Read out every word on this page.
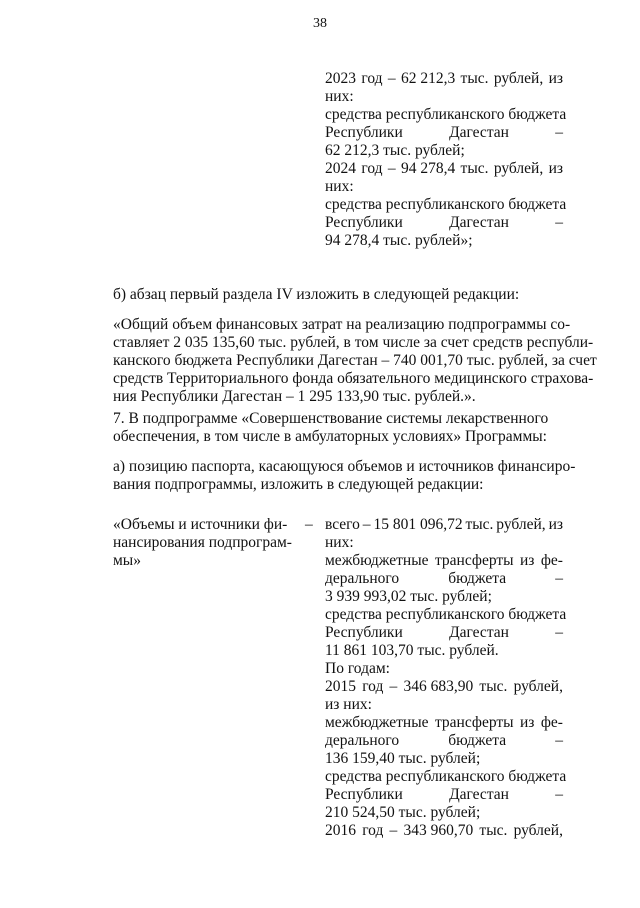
38
2023 год – 62 212,3 тыс. рублей, из
них:
средства республиканского бюджета
Республики	Дагестан	–
62 212,3 тыс. рублей;
2024 год – 94 278,4 тыс. рублей, из
них:
средства республиканского бюджета
Республики	Дагестан	–
94 278,4 тыс. рублей»;
б) абзац первый раздела IV изложить в следующей редакции:
«Общий объем финансовых затрат на реализацию подпрограммы со-
ставляет 2 035 135,60 тыс. рублей, в том числе за счет средств республи-
канского бюджета Республики Дагестан – 740 001,70 тыс. рублей, за счет
средств Территориального фонда обязательного медицинского страхова-
ния Республики Дагестан – 1 295 133,90 тыс. рублей.».
7. В подпрограмме «Совершенствование системы лекарственного
обеспечения, в том числе в амбулаторных условиях» Программы:
а) позицию паспорта, касающуюся объемов и источников финансиро-
вания подпрограммы, изложить в следующей редакции:
«Объемы и источники фи-
нансирования подпрограм-
мы»
– всего – 15 801 096,72 тыс. рублей, из
них:
межбюджетные трансферты из фе-
дерального	бюджета	–
3 939 993,02 тыс. рублей;
средства республиканского бюджета
Республики	Дагестан	–
11 861 103,70 тыс. рублей.
По годам:
2015 год – 346 683,90 тыс. рублей,
из них:
межбюджетные трансферты из фе-
дерального	бюджета	–
136 159,40 тыс. рублей;
средства республиканского бюджета
Республики	Дагестан	–
210 524,50 тыс. рублей;
2016 год – 343 960,70 тыс. рублей,
